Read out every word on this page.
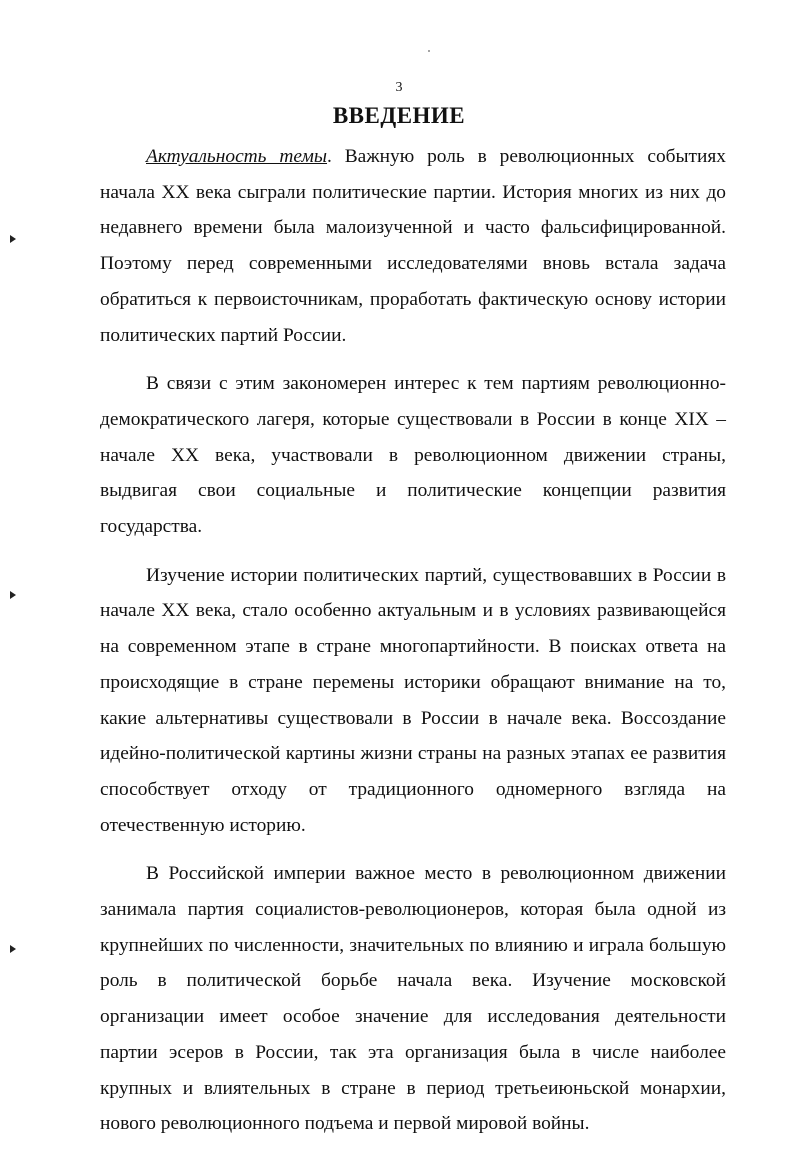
3
ВВЕДЕНИЕ

Актуальность темы. Важную роль в революционных событиях начала XX века сыграли политические партии. История многих из них до недавнего времени была малоизученной и часто фальсифицированной. Поэтому перед современными исследователями вновь встала задача обратиться к первоисточникам, проработать фактическую основу истории политических партий России.

В связи с этим закономерен интерес к тем партиям революционно-демократического лагеря, которые существовали в России в конце XIX – начале XX века, участвовали в революционном движении страны, выдвигая свои социальные и политические концепции развития государства.

Изучение истории политических партий, существовавших в России в начале XX века, стало особенно актуальным и в условиях развивающейся на современном этапе в стране многопартийности. В поисках ответа на происходящие в стране перемены историки обращают внимание на то, какие альтернативы существовали в России в начале века. Воссоздание идейно-политической картины жизни страны на разных этапах ее развития способствует отходу от традиционного одномерного взгляда на отечественную историю.

В Российской империи важное место в революционном движении занимала партия социалистов-революционеров, которая была одной из крупнейших по численности, значительных по влиянию и играла большую роль в политической борьбе начала века. Изучение московской организации имеет особое значение для исследования деятельности партии эсеров в России, так эта организация была в числе наиболее крупных и влиятельных в стране в период третьеиюньской монархии, нового революционного подъема и первой мировой войны.
